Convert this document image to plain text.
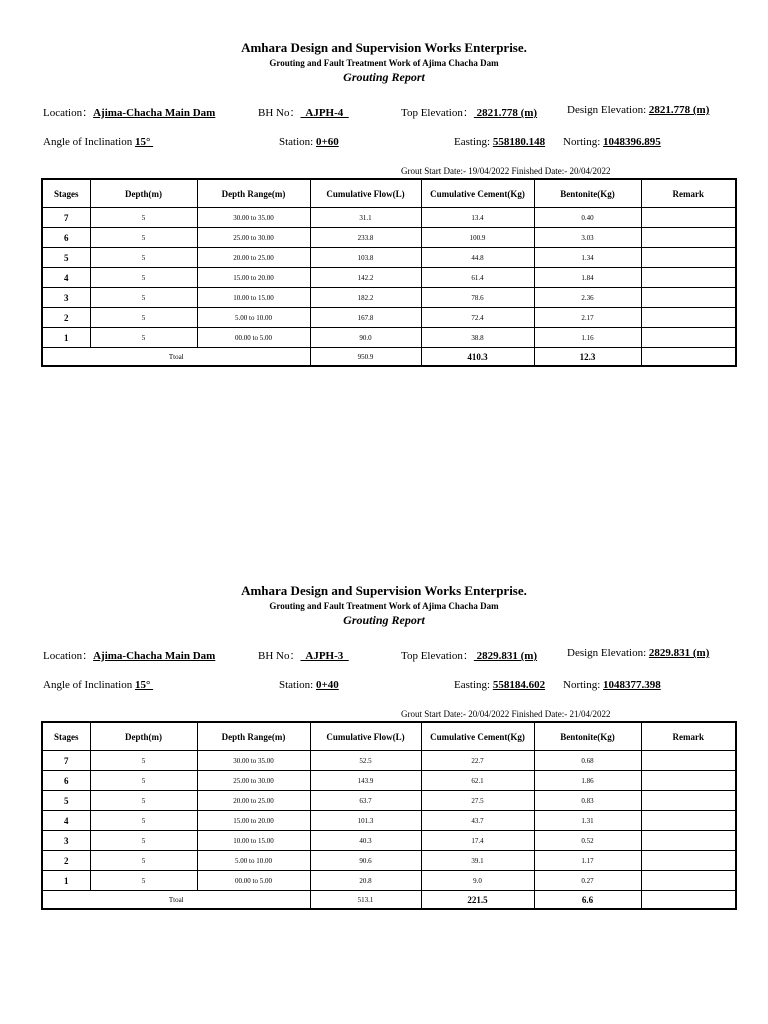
Amhara Design and Supervision Works Enterprise.
Grouting and Fault Treatment Work of Ajima Chacha Dam
Grouting Report
Location：Ajima-Chacha Main Dam	BH No：  AJPH-4	Top Elevation： 2821.778 (m)	Design Elevation: 2821.778 (m)
Angle of Inclination 15°	Station: 0+60	Easting: 558180.148 Norting: 1048396.895
Grout Start Date:- 19/04/2022 Finished Date:- 20/04/2022
Stages	Depth(m)	Depth Range(m)	Cumulative Flow(L)	Cumulative Cement(Kg)	Bentonite(Kg)	Remark
7	5	30.00 to 35.00	31.1	13.4	0.40	
6	5	25.00 to 30.00	233.8	100.9	3.03	
5	5	20.00 to 25.00	103.8	44.8	1.34	
4	5	15.00 to 20.00	142.2	61.4	1.84	
3	5	10.00 to 15.00	182.2	78.6	2.36	
2	5	5.00 to 10.00	167.8	72.4	2.17	
1	5	00.00 to 5.00	90.0	38.8	1.16	
Ttoal			950.9	410.3	12.3	
Amhara Design and Supervision Works Enterprise.
Grouting and Fault Treatment Work of Ajima Chacha Dam
Grouting Report
Location：Ajima-Chacha Main Dam	BH No：  AJPH-3	Top Elevation： 2829.831 (m)	Design Elevation: 2829.831 (m)
Angle of Inclination 15°	Station: 0+40	Easting: 558184.602 Norting: 1048377.398
Grout Start Date:- 20/04/2022 Finished Date:- 21/04/2022
Stages	Depth(m)	Depth Range(m)	Cumulative Flow(L)	Cumulative Cement(Kg)	Bentonite(Kg)	Remark
7	5	30.00 to 35.00	52.5	22.7	0.68	
6	5	25.00 to 30.00	143.9	62.1	1.86	
5	5	20.00 to 25.00	63.7	27.5	0.83	
4	5	15.00 to 20.00	101.3	43.7	1.31	
3	5	10.00 to 15.00	40.3	17.4	0.52	
2	5	5.00 to 10.00	90.6	39.1	1.17	
1	5	00.00 to 5.00	20.8	9.0	0.27	
Ttoal			513.1	221.5	6.6	
